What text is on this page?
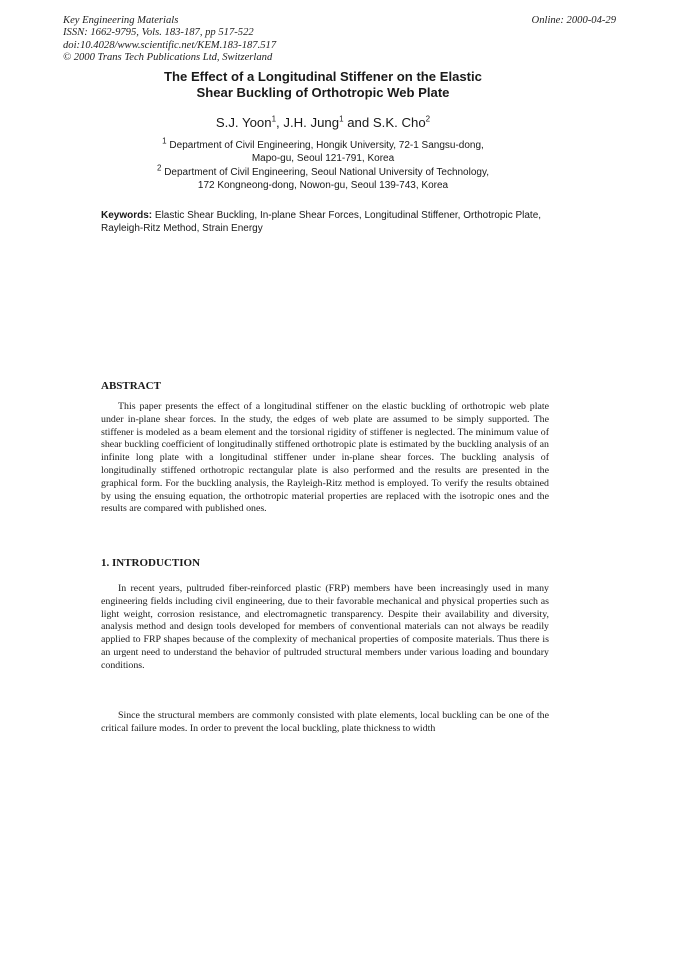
Key Engineering Materials
ISSN: 1662-9795, Vols. 183-187, pp 517-522
doi:10.4028/www.scientific.net/KEM.183-187.517
© 2000 Trans Tech Publications Ltd, Switzerland
Online: 2000-04-29
The Effect of a Longitudinal Stiffener on the Elastic
Shear Buckling of Orthotropic Web Plate
S.J. Yoon$^1$, J.H. Jung$^1$ and S.K. Cho$^2$
$^1$ Department of Civil Engineering, Hongik University, 72-1 Sangsu-dong,
Mapo-gu, Seoul 121-791, Korea
$^2$ Department of Civil Engineering, Seoul National University of Technology,
172 Kongneong-dong, Nowon-gu, Seoul 139-743, Korea
Keywords: Elastic Shear Buckling, In-plane Shear Forces, Longitudinal Stiffener, Orthotropic Plate, Rayleigh-Ritz Method, Strain Energy
ABSTRACT
This paper presents the effect of a longitudinal stiffener on the elastic buckling of orthotropic web plate under in-plane shear forces. In the study, the edges of web plate are assumed to be simply supported. The stiffener is modeled as a beam element and the torsional rigidity of stiffener is neglected. The minimum value of shear buckling coefficient of longitudinally stiffened orthotropic plate is estimated by the buckling analysis of an infinite long plate with a longitudinal stiffener under in-plane shear forces. The buckling analysis of longitudinally stiffened orthotropic rectangular plate is also performed and the results are presented in the graphical form. For the buckling analysis, the Rayleigh-Ritz method is employed. To verify the results obtained by using the ensuing equation, the orthotropic material properties are replaced with the isotropic ones and the results are compared with published ones.
1. INTRODUCTION
In recent years, pultruded fiber-reinforced plastic (FRP) members have been increasingly used in many engineering fields including civil engineering, due to their favorable mechanical and physical properties such as light weight, corrosion resistance, and electromagnetic transparency. Despite their availability and diversity, analysis method and design tools developed for members of conventional materials can not always be readily applied to FRP shapes because of the complexity of mechanical properties of composite materials. Thus there is an urgent need to understand the behavior of pultruded structural members under various loading and boundary conditions.
Since the structural members are commonly consisted with plate elements, local buckling can be one of the critical failure modes. In order to prevent the local buckling, plate thickness to width
